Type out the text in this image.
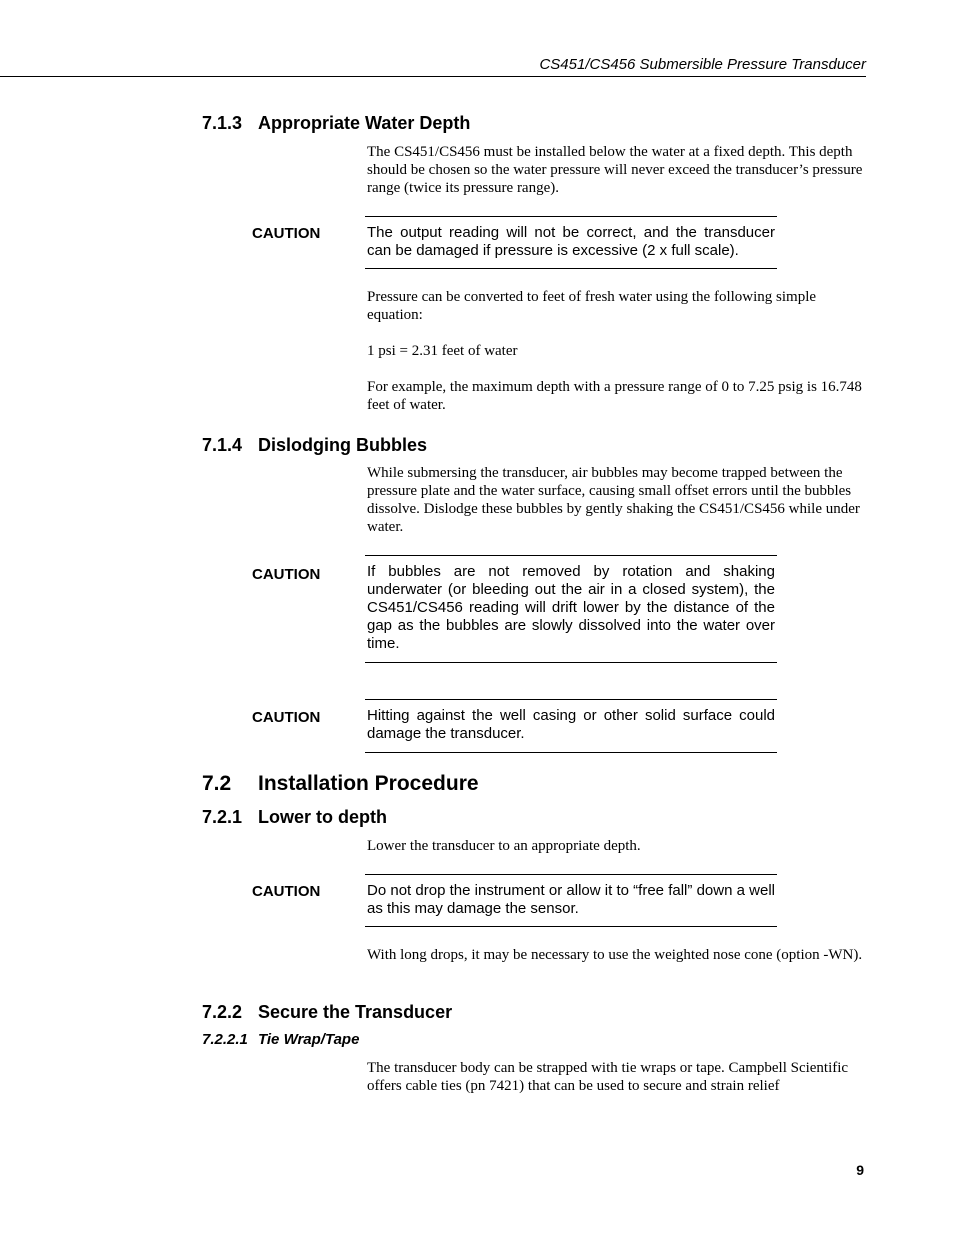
CS451/CS456 Submersible Pressure Transducer
7.1.3 Appropriate Water Depth

The CS451/CS456 must be installed below the water at a fixed depth. This depth should be chosen so the water pressure will never exceed the transducer’s pressure range (twice its pressure range).

CAUTION	The output reading will not be correct, and the transducer can be damaged if pressure is excessive (2 x full scale).

Pressure can be converted to feet of fresh water using the following simple equation:

1 psi = 2.31 feet of water

For example, the maximum depth with a pressure range of 0 to 7.25 psig is 16.748 feet of water.

7.1.4 Dislodging Bubbles

While submersing the transducer, air bubbles may become trapped between the pressure plate and the water surface, causing small offset errors until the bubbles dissolve. Dislodge these bubbles by gently shaking the CS451/CS456 while under water.

CAUTION	If bubbles are not removed by rotation and shaking underwater (or bleeding out the air in a closed system), the CS451/CS456 reading will drift lower by the distance of the gap as the bubbles are slowly dissolved into the water over time.

CAUTION	Hitting against the well casing or other solid surface could damage the transducer.

7.2 Installation Procedure
7.2.1 Lower to depth

Lower the transducer to an appropriate depth.

CAUTION	Do not drop the instrument or allow it to “free fall” down a well as this may damage the sensor.

With long drops, it may be necessary to use the weighted nose cone (option -WN).

7.2.2 Secure the Transducer
7.2.2.1 Tie Wrap/Tape

The transducer body can be strapped with tie wraps or tape. Campbell Scientific offers cable ties (pn 7421) that can be used to secure and strain relief

9
